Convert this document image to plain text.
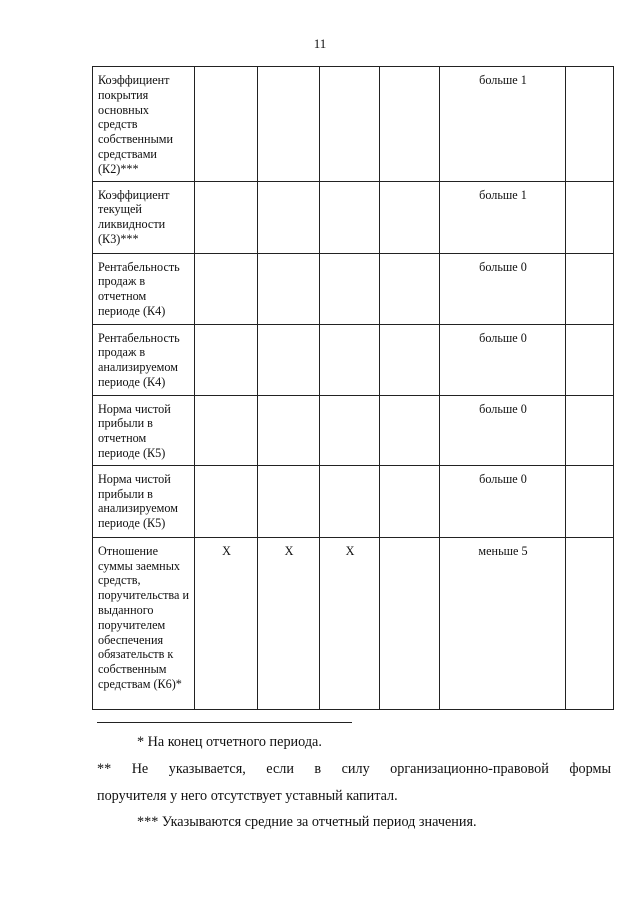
11
Коэффициент покрытия основных средств собственными средствами (К2)***					больше 1	
Коэффициент текущей ликвидности (К3)***					больше 1	
Рентабельность продаж в отчетном периоде (К4)					больше 0	
Рентабельность продаж в анализируемом периоде (К4)					больше 0	
Норма чистой прибыли в отчетном периоде (К5)					больше 0	
Норма чистой прибыли в анализируемом периоде (К5)					больше 0	
Отношение суммы заемных средств, поручительства и выданного поручителем обеспечения обязательств к собственным средствам (К6)*	Х	Х	Х		меньше 5	
* На конец отчетного периода.
** Не указывается, если в силу организационно-правовой формы
поручителя у него отсутствует уставный капитал.
*** Указываются средние за отчетный период значения.
